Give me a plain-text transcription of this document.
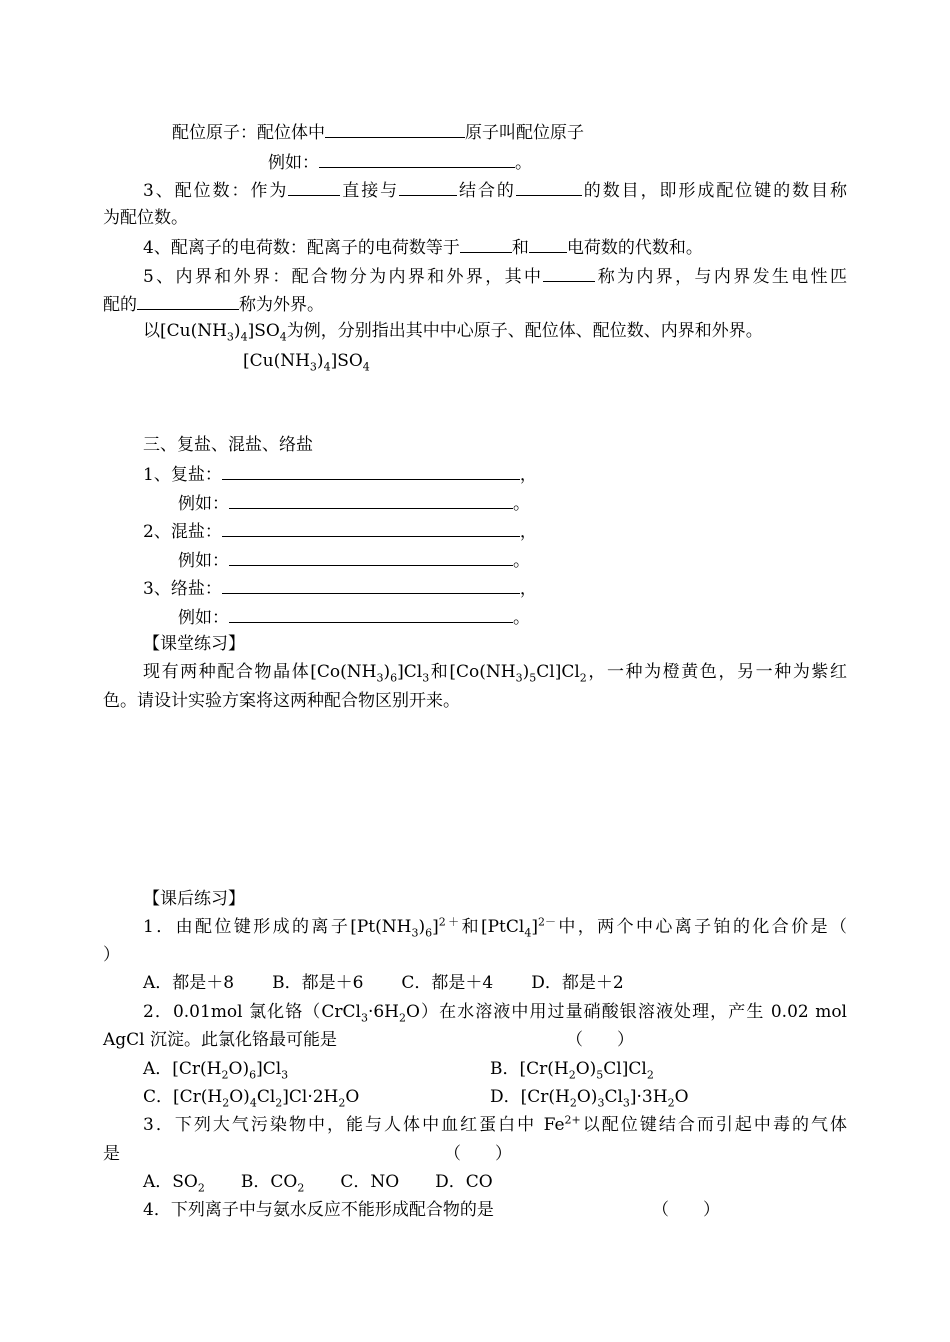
配位原子：配位体中	原子叫配位原子
例如：	。
3、配位数：作为	直接与	结合的	的数目，即形成配位键的数目称
为配位数。
4、配离子的电荷数：配离子的电荷数等于	和 电荷数的代数和。
5、内界和外界：配合物分为内界和外界，其中	称为内界，与内界发生电性匹
配的	称为外界。
以$[Cu(NH_3)_4]SO_4$为例，分别指出其中中心原子、配位体、配位数、内界和外界。
$[Cu(NH_3)_4]SO_4$
三、复盐、混盐、络盐
1、复盐：	，
例如：	。
2、混盐：	，
例如：	。
3、络盐：	，
例如：	。
【课堂练习】
现有两种配合物晶体$[Co(NH_3)_6]Cl_3$和$[Co(NH_3)_5Cl]Cl_2$，一种为橙黄色，另一种为紫红
色。请设计实验方案将这两种配合物区别开来。
【课后练习】
1．由配位键形成的离子$[Pt(NH_3)_6]^{2+}$和[PtCl$_4$]$^{2-}$中，两个中心离子铂的化合价是（
）
A．都是＋8 B．都是＋6 C．都是＋4 D．都是＋2
2．0.01mol 氯化铬$(CrCl_3\cdot 6H_2O)$在水溶液中用过量硝酸银溶液处理，产生 0.02 mol
AgCl 沉淀。此氯化铬最可能是	（　　）
A．$[Cr(H_2O)_6]Cl_3$	B．$[Cr(H_2O)_5Cl]Cl_2$
C．$[Cr(H_2O)_4Cl_2]Cl\cdot 2H_2O$	D．$[Cr(H_2O)_3Cl_3]\cdot 3H_2O$
3．下列大气污染物中，能与人体中血红蛋白中 $Fe^{2+}$以配位键结合而引起中毒的气体
是	（　　）
A．$SO_2$ B．$CO_2$ C．NO D．CO
4．下列离子中与氨水反应不能形成配合物的是	（　　）
